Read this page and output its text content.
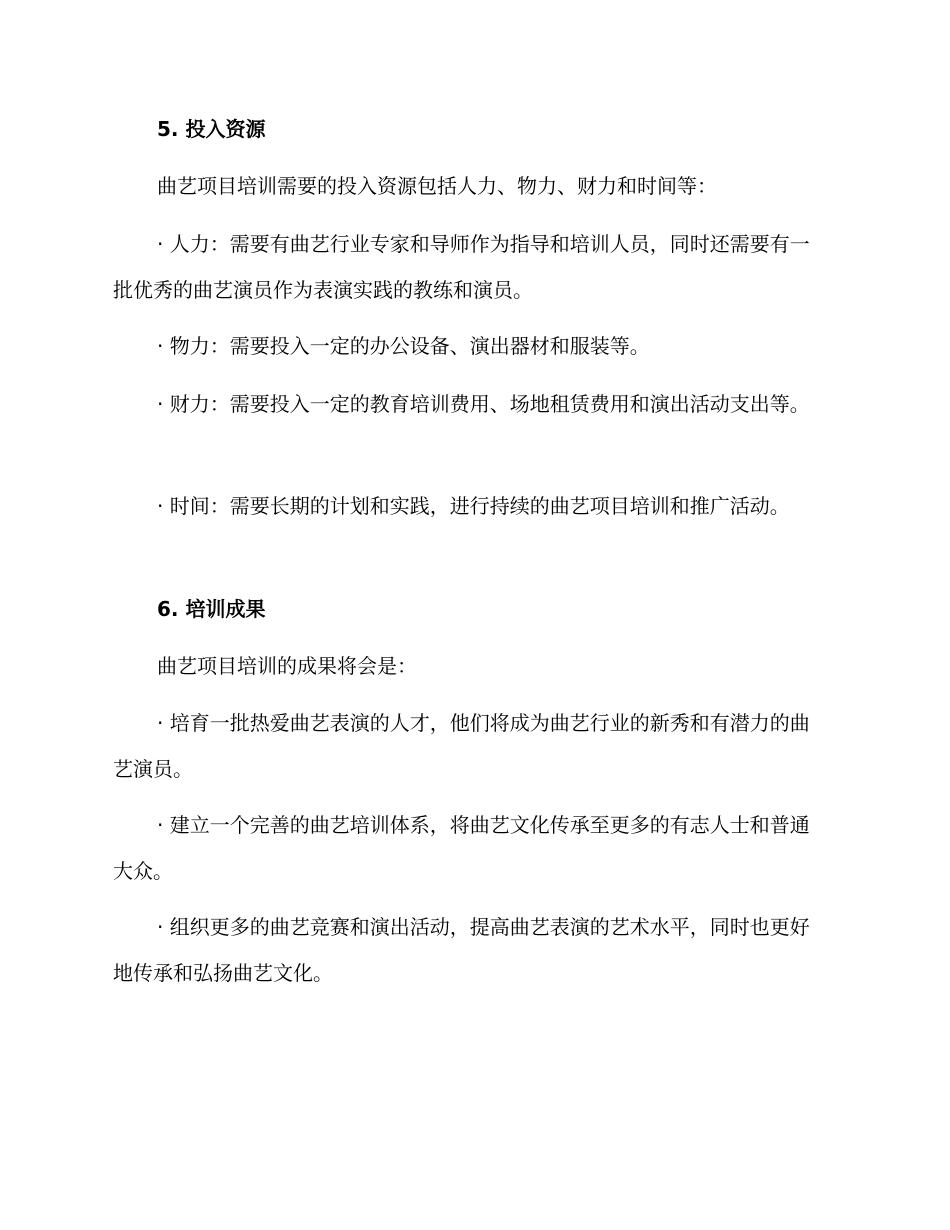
5. 投入资源

曲艺项目培训需要的投入资源包括人力、物力、财力和时间等：

· 人力：需要有曲艺行业专家和导师作为指导和培训人员，同时还需要有一批优秀的曲艺演员作为表演实践的教练和演员。

· 物力：需要投入一定的办公设备、演出器材和服装等。

· 财力：需要投入一定的教育培训费用、场地租赁费用和演出活动支出等。

· 时间：需要长期的计划和实践，进行持续的曲艺项目培训和推广活动。

6. 培训成果

曲艺项目培训的成果将会是：

· 培育一批热爱曲艺表演的人才，他们将成为曲艺行业的新秀和有潜力的曲艺演员。

· 建立一个完善的曲艺培训体系，将曲艺文化传承至更多的有志人士和普通大众。

· 组织更多的曲艺竞赛和演出活动，提高曲艺表演的艺术水平，同时也更好地传承和弘扬曲艺文化。
